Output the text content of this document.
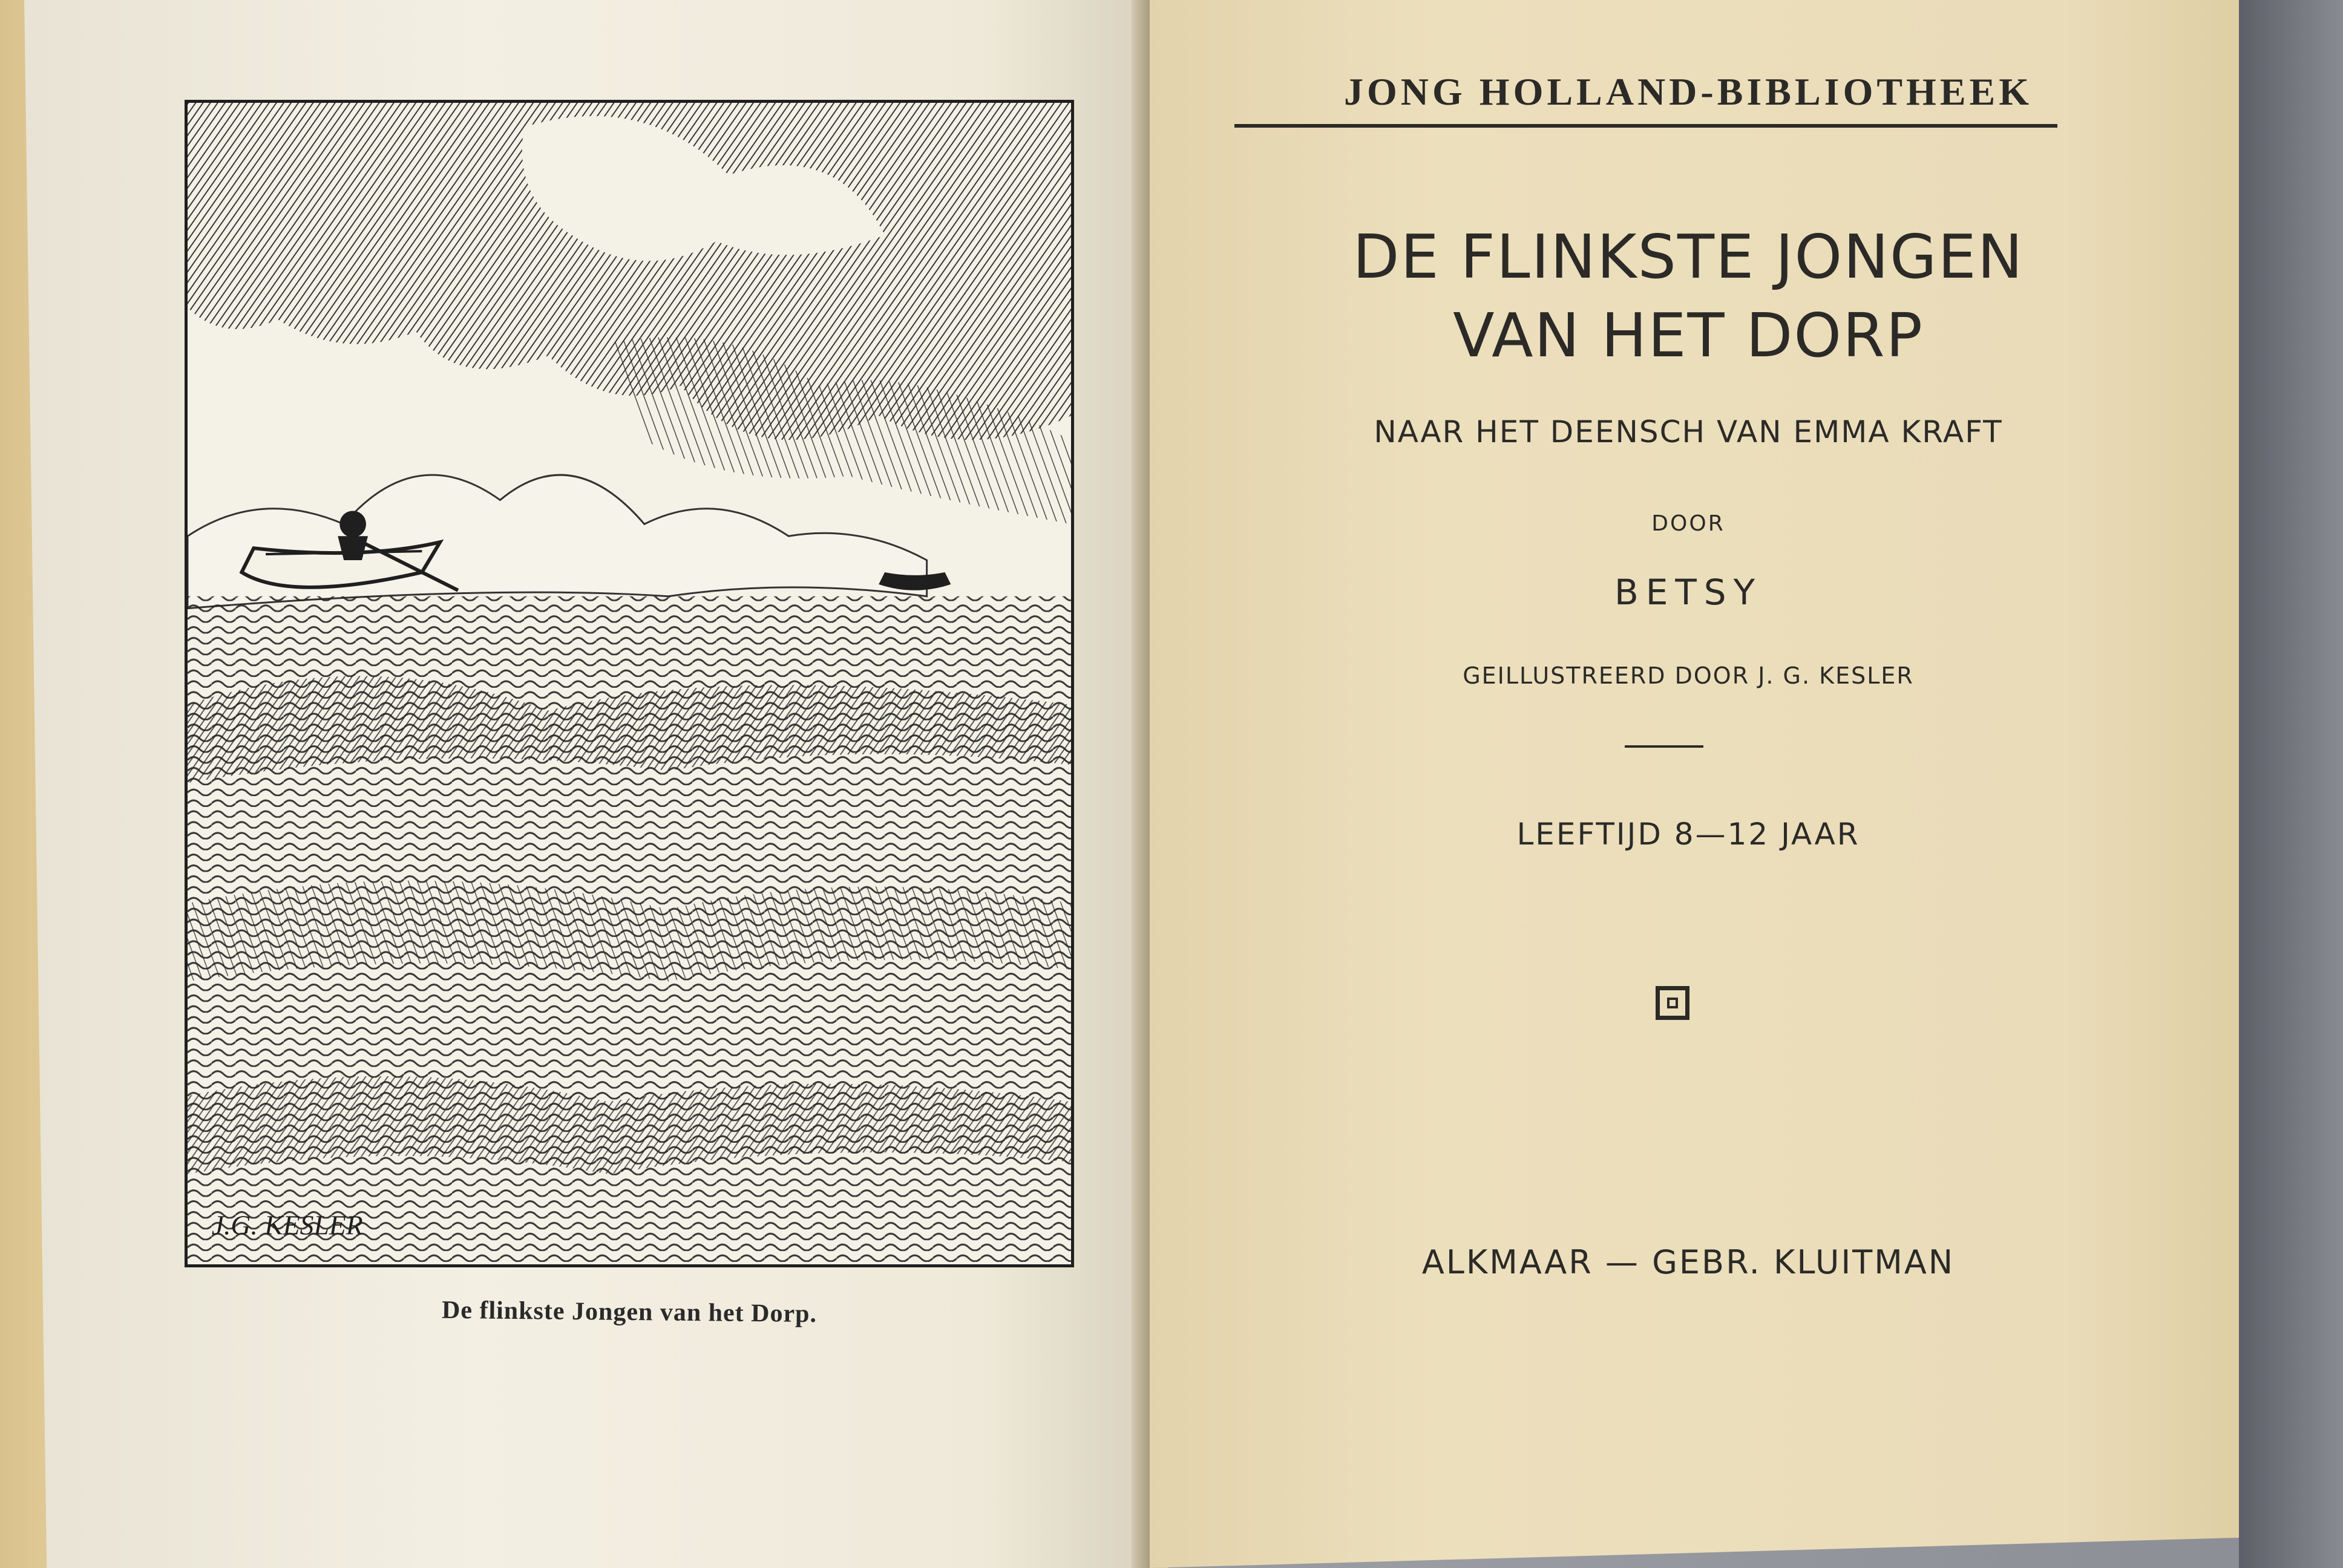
J.G. KESLER
De flinkste Jongen van het Dorp.
JONG HOLLAND-BIBLIOTHEEK
DE FLINKSTE JONGEN
VAN HET DORP
NAAR HET DEENSCH VAN EMMA KRAFT
DOOR
BETSY
GEILLUSTREERD DOOR J. G. KESLER
LEEFTIJD 8—12 JAAR
ALKMAAR — GEBR. KLUITMAN
